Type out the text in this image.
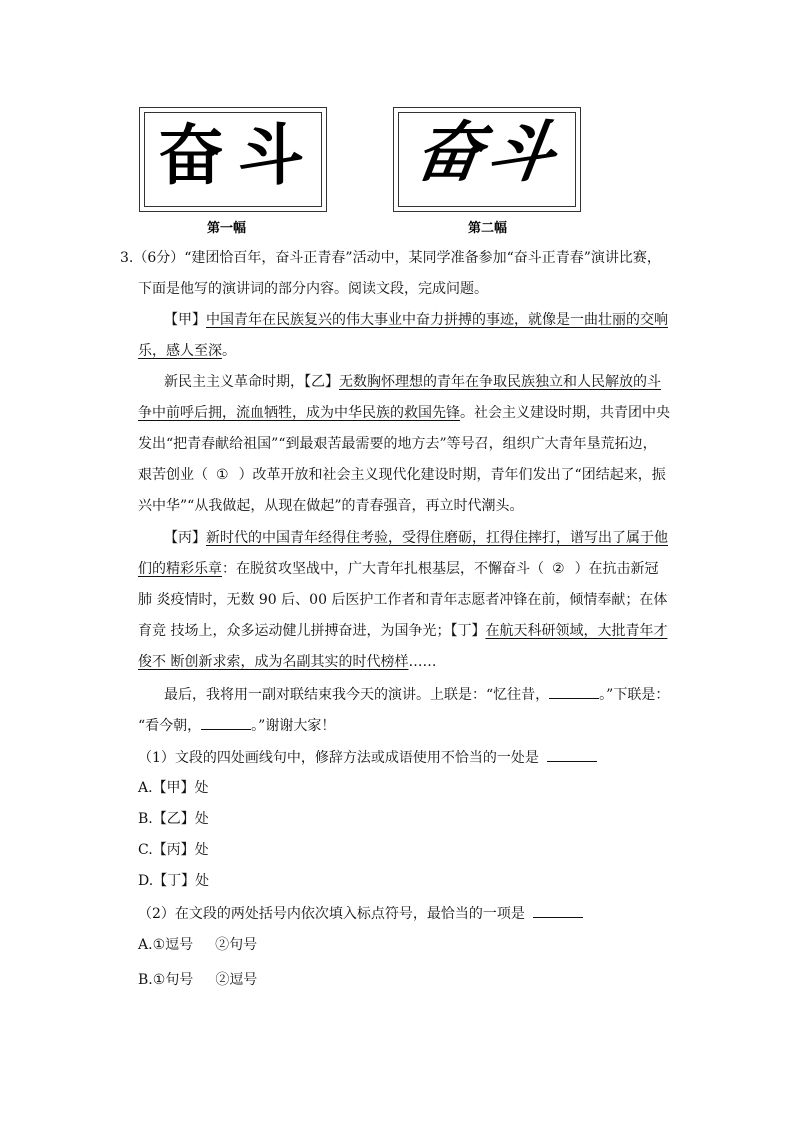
奋斗
第一幅
奋斗
第二幅
3.（6分）“建团恰百年，奋斗正青春”活动中，某同学准备参加“奋斗正青春”演讲比赛，
下面是他写的演讲词的部分内容。阅读文段，完成问题。
【甲】中国青年在民族复兴的伟大事业中奋力拼搏的事迹，就像是一曲壮丽的交响
乐，感人至深。
新民主主义革命时期，【乙】无数胸怀理想的青年在争取民族独立和人民解放的斗
争中前呼后拥，流血牺牲，成为中华民族的救国先锋。社会主义建设时期，共青团中央
发出“把青春献给祖国”“到最艰苦最需要的地方去”等号召，组织广大青年垦荒拓边，
艰苦创业（ ① ）改革开放和社会主义现代化建设时期，青年们发出了“团结起来，振
兴中华”“从我做起，从现在做起”的青春强音，再立时代潮头。
【丙】新时代的中国青年经得住考验，受得住磨砺，扛得住摔打，谱写出了属于他
们的精彩乐章：在脱贫攻坚战中，广大青年扎根基层，不懈奋斗（ ② ）在抗击新冠
肺 炎疫情时，无数 90 后、00 后医护工作者和青年志愿者冲锋在前，倾情奉献；在体
育竞 技场上，众多运动健儿拼搏奋进，为国争光；【丁】在航天科研领域，大批青年才
俊不 断创新求索，成为名副其实的时代榜样……
最后，我将用一副对联结束我今天的演讲。上联是：“忆往昔，	。”下联是：
“看今朝，	。”谢谢大家！
（1）文段的四处画线句中，修辞方法或成语使用不恰当的一处是
A.【甲】处
B.【乙】处
C.【丙】处
D.【丁】处
（2）在文段的两处括号内依次填入标点符号，最恰当的一项是
A.①逗号 ②句号
B.①句号 ②逗号
